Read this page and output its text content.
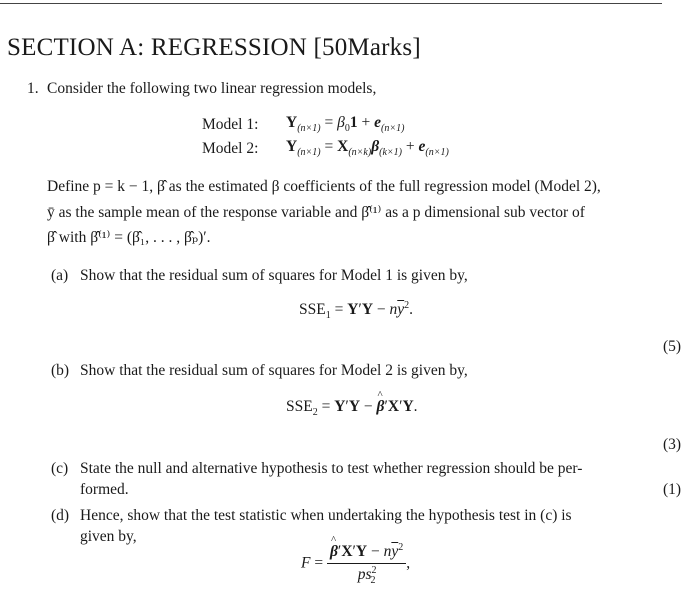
SECTION A: REGRESSION [50Marks]
1. Consider the following two linear regression models,
Model 1: $Y_{(n\times 1)} = \beta_01 + e_{(n\times 1)}$
Model 2: $Y_{(n\times 1)} = X_{(n\times k)}\beta_{(k\times 1)} + e_{(n\times 1)}$
Define p = k − 1, β̂ as the estimated β coefficients of the full regression model (Model 2),
ȳ as the sample mean of the response variable and β̂⁽¹⁾ as a p dimensional sub vector of
β̂ with β̂⁽¹⁾ = (β̂₁, . . . , β̂ₚ)′.
(a) Show that the residual sum of squares for Model 1 is given by,
$SSE_1 = Y'Y - n\overline{y}^2$.
(5)
(b) Show that the residual sum of squares for Model 2 is given by,
$SSE_2 = Y'Y$ − ^ β′X′Y.
(3)
(c) State the null and alternative hypothesis to test whether regression should be per-
formed.	(1)
(d) Hence, show that the test statistic when undertaking the hypothesis test in (c) is
given by,
F = ^ $\frac{\beta'X'Y - n\overline{y}^2}{ps^2_2}$ ,
